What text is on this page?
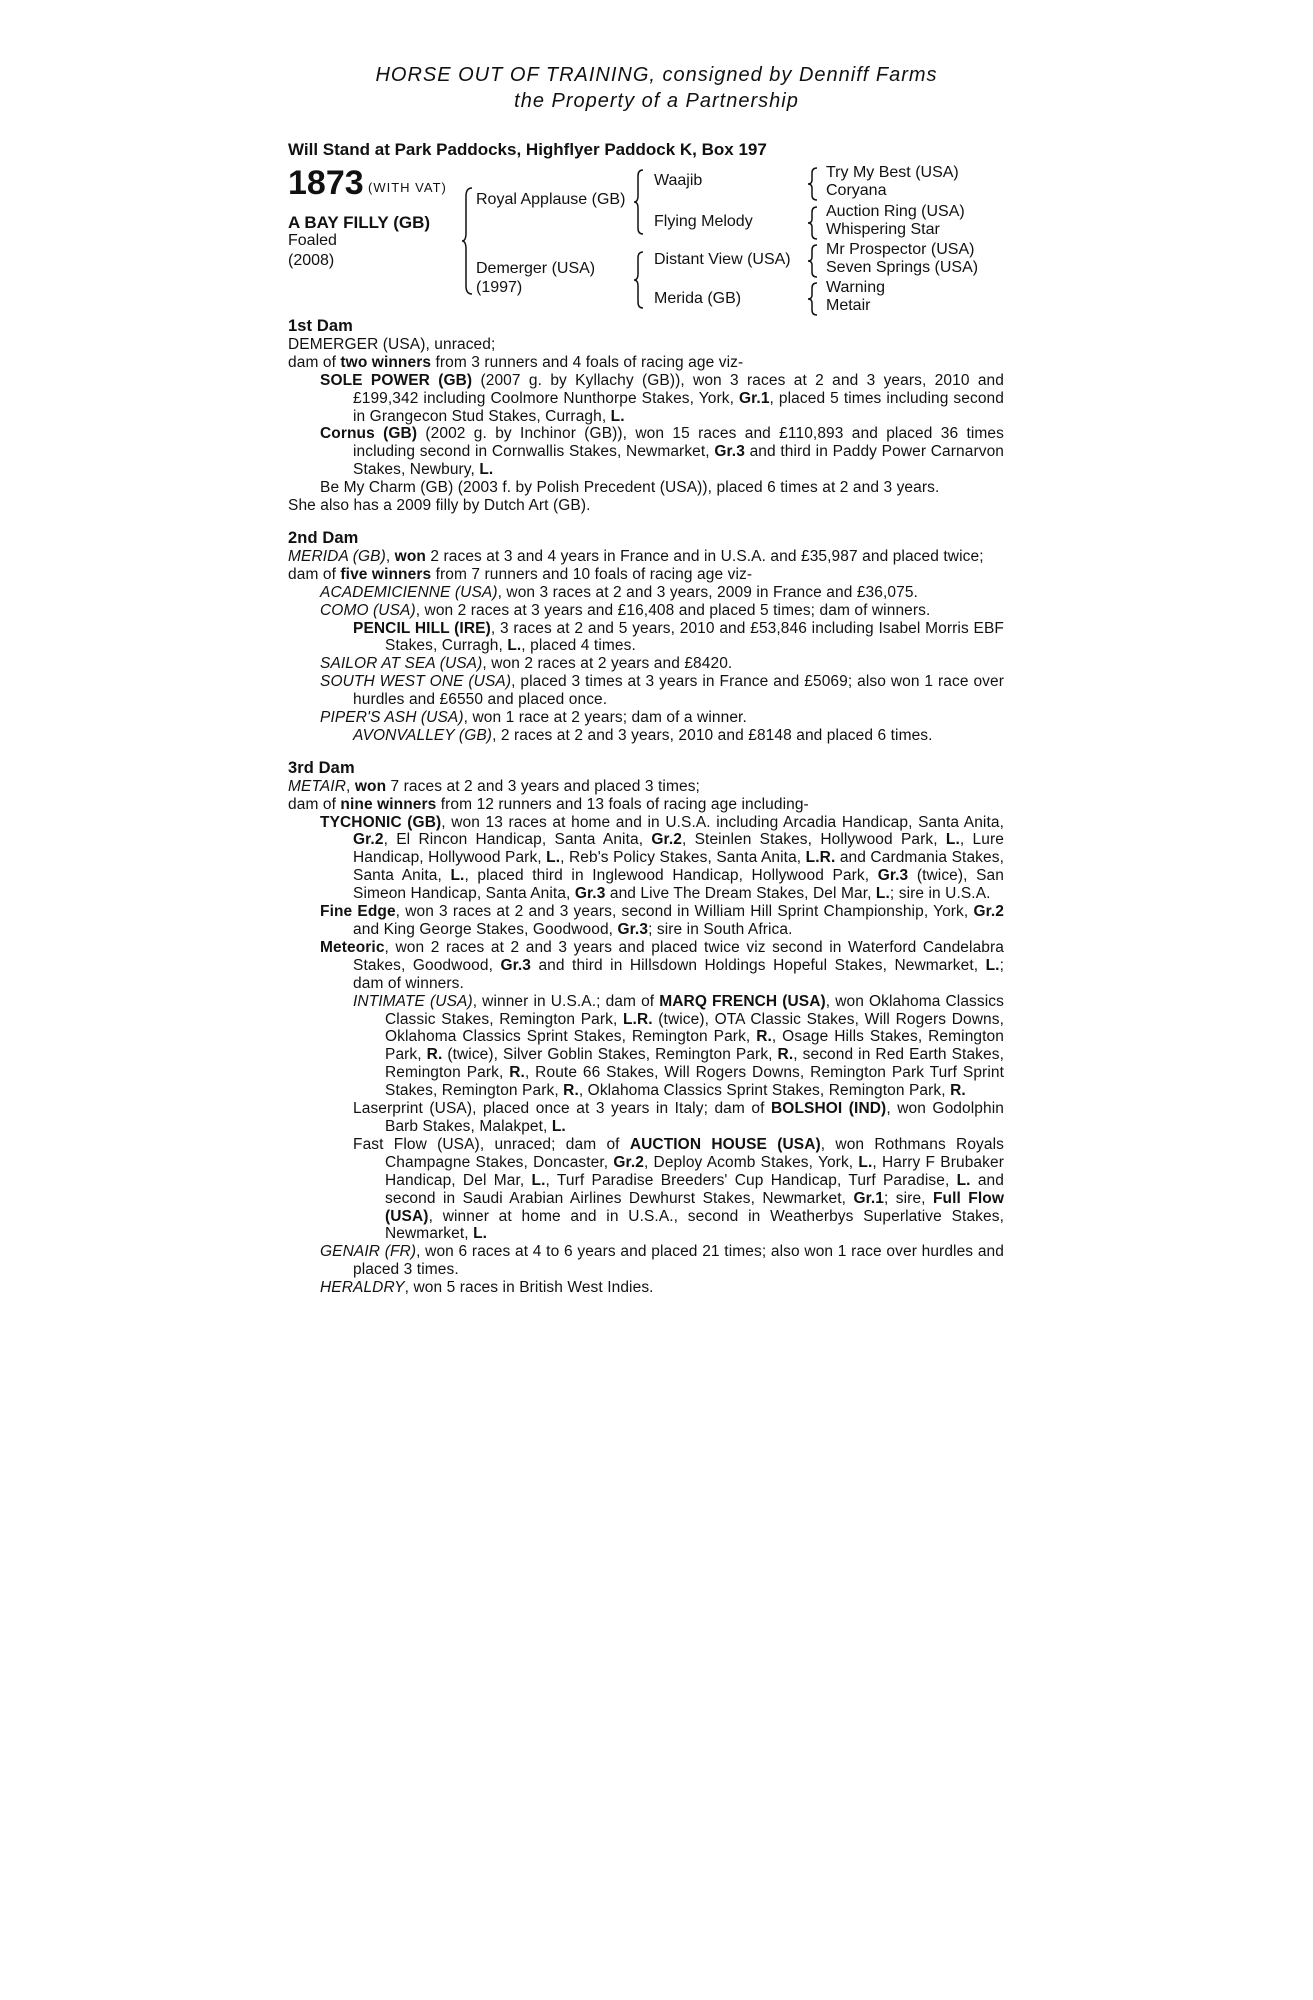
HORSE OUT OF TRAINING, consigned by Denniff Farms
the Property of a Partnership
Will Stand at Park Paddocks, Highflyer Paddock K, Box 197
1873 (WITH VAT)
A BAY FILLY (GB)
Foaled
(2008)
Royal Applause (GB)
Demerger (USA)
(1997)
Waajib
Flying Melody
Distant View (USA)
Merida (GB)
Try My Best (USA)
Coryana
Auction Ring (USA)
Whispering Star
Mr Prospector (USA)
Seven Springs (USA)
Warning
Metair
1st Dam

DEMERGER (USA), unraced;

dam of two winners from 3 runners and 4 foals of racing age viz-

SOLE POWER (GB) (2007 g. by Kyllachy (GB)), won 3 races at 2 and 3 years, 2010 and £199,342 including Coolmore Nunthorpe Stakes, York, Gr.1, placed 5 times including second in Grangecon Stud Stakes, Curragh, L.

Cornus (GB) (2002 g. by Inchinor (GB)), won 15 races and £110,893 and placed 36 times including second in Cornwallis Stakes, Newmarket, Gr.3 and third in Paddy Power Carnarvon Stakes, Newbury, L.

Be My Charm (GB) (2003 f. by Polish Precedent (USA)), placed 6 times at 2 and 3 years.

She also has a 2009 filly by Dutch Art (GB).

2nd Dam

MERIDA (GB), won 2 races at 3 and 4 years in France and in U.S.A. and £35,987 and placed twice;

dam of five winners from 7 runners and 10 foals of racing age viz-

ACADEMICIENNE (USA), won 3 races at 2 and 3 years, 2009 in France and £36,075.

COMO (USA), won 2 races at 3 years and £16,408 and placed 5 times; dam of winners.

PENCIL HILL (IRE), 3 races at 2 and 5 years, 2010 and £53,846 including Isabel Morris EBF Stakes, Curragh, L., placed 4 times.

SAILOR AT SEA (USA), won 2 races at 2 years and £8420.

SOUTH WEST ONE (USA), placed 3 times at 3 years in France and £5069; also won 1 race over hurdles and £6550 and placed once.

PIPER'S ASH (USA), won 1 race at 2 years; dam of a winner.

AVONVALLEY (GB), 2 races at 2 and 3 years, 2010 and £8148 and placed 6 times.

3rd Dam

METAIR, won 7 races at 2 and 3 years and placed 3 times;

dam of nine winners from 12 runners and 13 foals of racing age including-

TYCHONIC (GB), won 13 races at home and in U.S.A. including Arcadia Handicap, Santa Anita, Gr.2, El Rincon Handicap, Santa Anita, Gr.2, Steinlen Stakes, Hollywood Park, L., Lure Handicap, Hollywood Park, L., Reb's Policy Stakes, Santa Anita, L.R. and Cardmania Stakes, Santa Anita, L., placed third in Inglewood Handicap, Hollywood Park, Gr.3 (twice), San Simeon Handicap, Santa Anita, Gr.3 and Live The Dream Stakes, Del Mar, L.; sire in U.S.A.

Fine Edge, won 3 races at 2 and 3 years, second in William Hill Sprint Championship, York, Gr.2 and King George Stakes, Goodwood, Gr.3; sire in South Africa.

Meteoric, won 2 races at 2 and 3 years and placed twice viz second in Waterford Candelabra Stakes, Goodwood, Gr.3 and third in Hillsdown Holdings Hopeful Stakes, Newmarket, L.; dam of winners.

INTIMATE (USA), winner in U.S.A.; dam of MARQ FRENCH (USA), won Oklahoma Classics Classic Stakes, Remington Park, L.R. (twice), OTA Classic Stakes, Will Rogers Downs, Oklahoma Classics Sprint Stakes, Remington Park, R., Osage Hills Stakes, Remington Park, R. (twice), Silver Goblin Stakes, Remington Park, R., second in Red Earth Stakes, Remington Park, R., Route 66 Stakes, Will Rogers Downs, Remington Park Turf Sprint Stakes, Remington Park, R., Oklahoma Classics Sprint Stakes, Remington Park, R.

Laserprint (USA), placed once at 3 years in Italy; dam of BOLSHOI (IND), won Godolphin Barb Stakes, Malakpet, L.

Fast Flow (USA), unraced; dam of AUCTION HOUSE (USA), won Rothmans Royals Champagne Stakes, Doncaster, Gr.2, Deploy Acomb Stakes, York, L., Harry F Brubaker Handicap, Del Mar, L., Turf Paradise Breeders' Cup Handicap, Turf Paradise, L. and second in Saudi Arabian Airlines Dewhurst Stakes, Newmarket, Gr.1; sire, Full Flow (USA), winner at home and in U.S.A., second in Weatherbys Superlative Stakes, Newmarket, L.

GENAIR (FR), won 6 races at 4 to 6 years and placed 21 times; also won 1 race over hurdles and placed 3 times.

HERALDRY, won 5 races in British West Indies.
